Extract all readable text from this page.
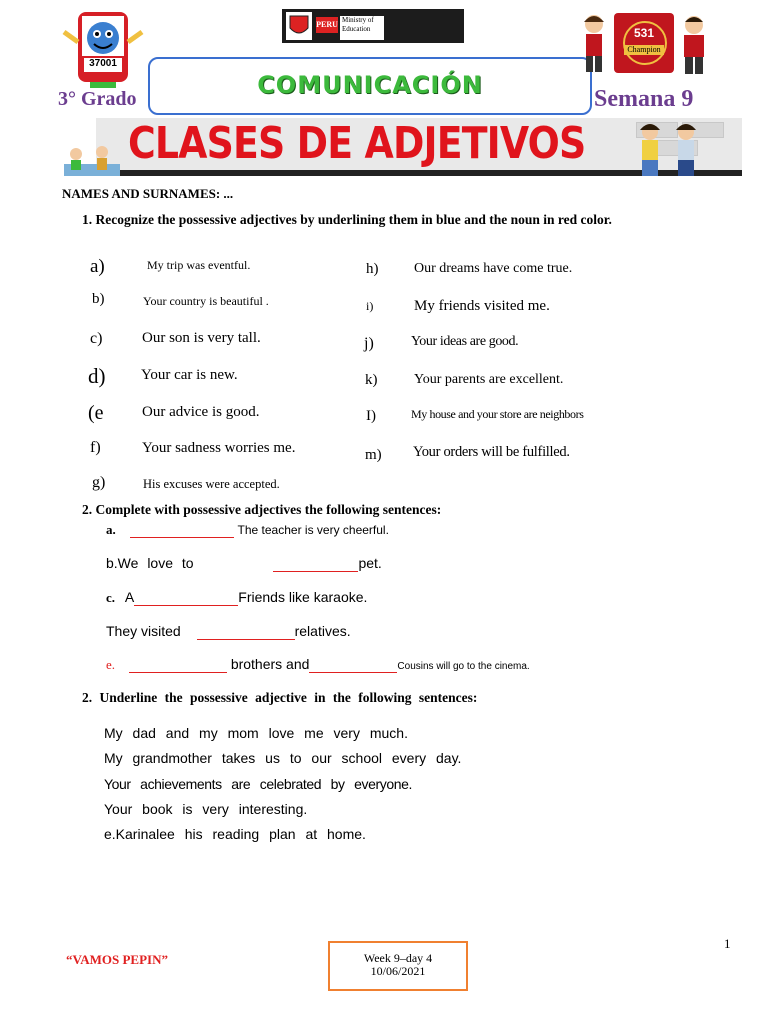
37001
3° Grado
PERU Ministry of Education
COMUNICACIÓN
531
Champion
Semana 9
CLASES DE ADJETIVOS
NAMES AND SURNAMES: ...
1. Recognize the possessive adjectives by underlining them in blue and the noun in red color.
a)	My trip was eventful.
b)	Your country is beautiful .
c)	Our son is very tall.
d) Your car is new.
(e	Our advice is good.
f)	Your sadness worries me.
g)	His excuses were accepted.
h)	Our dreams have come true.
i)	My friends visited me.
j)	Your ideas are good.
k)	Your parents are excellent.
I)	My house and your store are neighbors
m) Your orders will be fulfilled.
2. Complete with possessive adjectives the following sentences:
a.	The teacher is very cheerful.
b.We love to	pet.
c. A	Friends like karaoke.
They visited	relatives.
e.	brothers and	Cousins will go to the cinema.
2. Underline the possessive adjective in the following sentences:
My dad and my mom love me very much.
My grandmother takes us to our school every day.
Your achievements are celebrated by everyone.
Your book is very interesting.
e.Karinalee his reading plan at home.
1
“VAMOS PEPIN”	Week 9–day 4
10/06/2021
